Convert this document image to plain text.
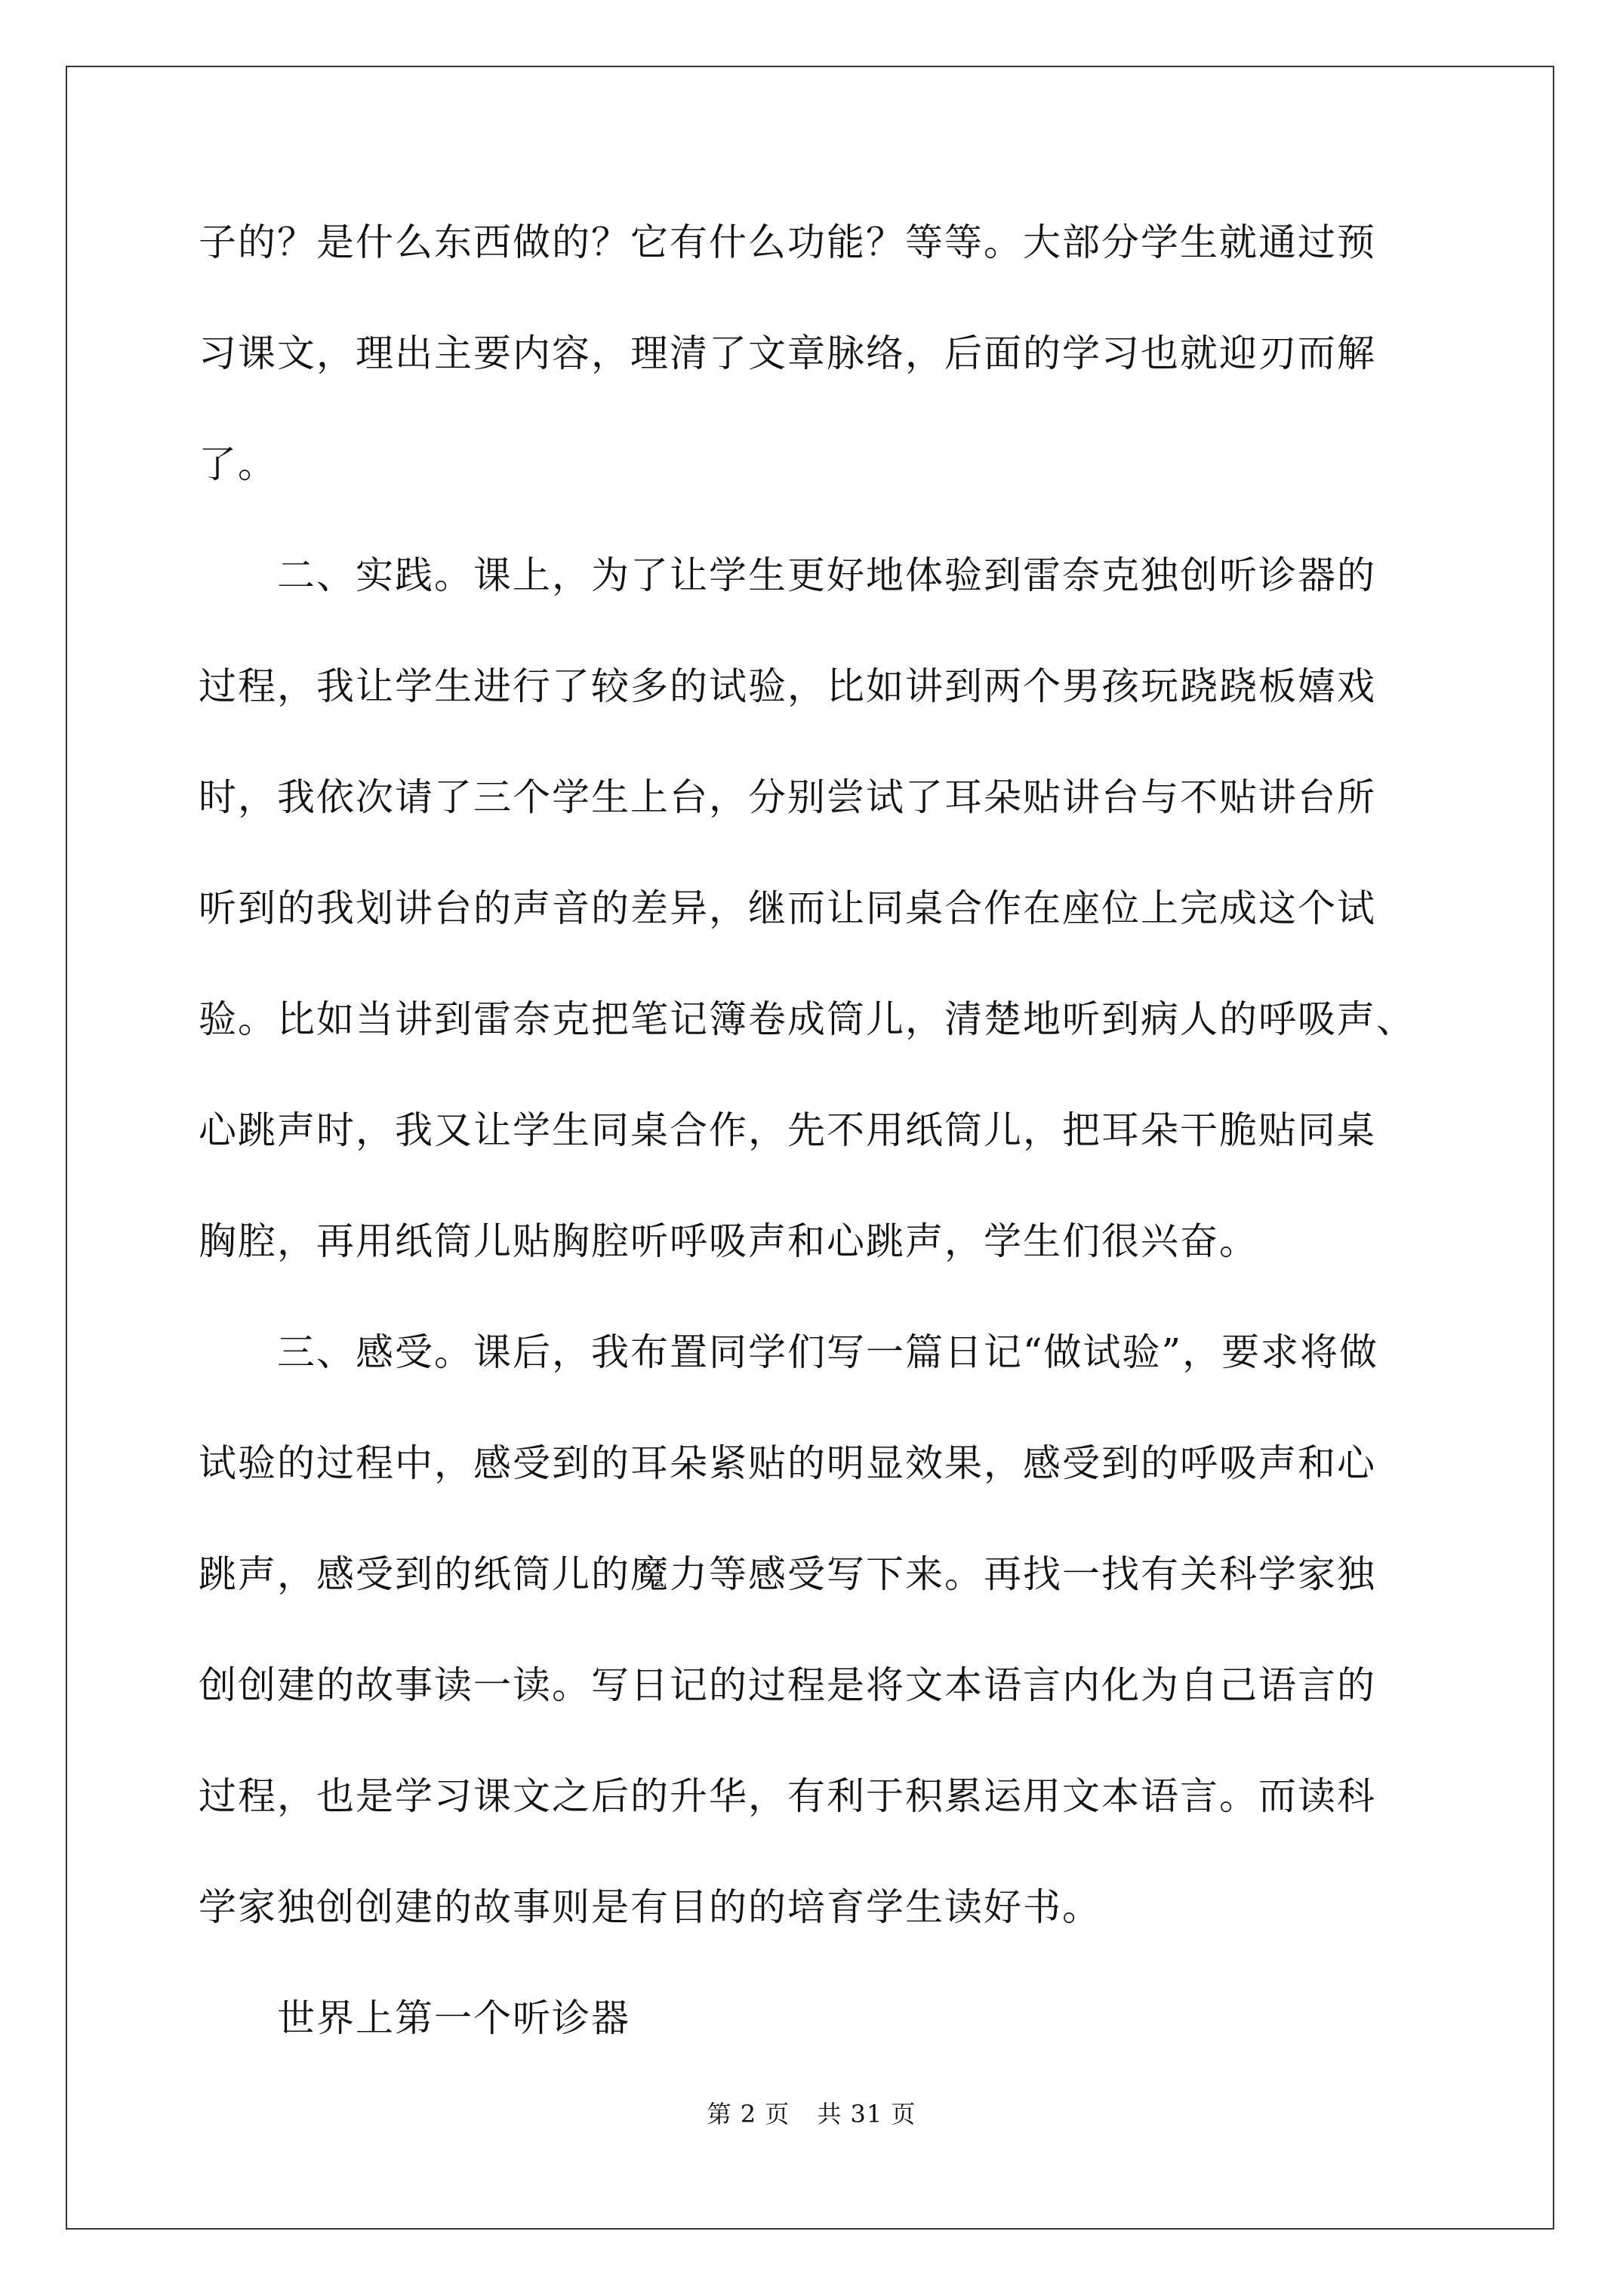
子的？是什么东西做的？它有什么功能？等等。大部分学生就通过预
习课文，理出主要内容，理清了文章脉络，后面的学习也就迎刃而解
了。
二、实践。课上，为了让学生更好地体验到雷奈克独创听诊器的
过程，我让学生进行了较多的试验，比如讲到两个男孩玩跷跷板嬉戏
时，我依次请了三个学生上台，分别尝试了耳朵贴讲台与不贴讲台所
听到的我划讲台的声音的差异，继而让同桌合作在座位上完成这个试
验。比如当讲到雷奈克把笔记簿卷成筒儿，清楚地听到病人的呼吸声、
心跳声时，我又让学生同桌合作，先不用纸筒儿，把耳朵干脆贴同桌
胸腔，再用纸筒儿贴胸腔听呼吸声和心跳声，学生们很兴奋。
三、感受。课后，我布置同学们写一篇日记“做试验”，要求将做
试验的过程中，感受到的耳朵紧贴的明显效果，感受到的呼吸声和心
跳声，感受到的纸筒儿的魔力等感受写下来。再找一找有关科学家独
创创建的故事读一读。写日记的过程是将文本语言内化为自己语言的
过程，也是学习课文之后的升华，有利于积累运用文本语言。而读科
学家独创创建的故事则是有目的的培育学生读好书。
世界上第一个听诊器
第 2 页 共 31 页
